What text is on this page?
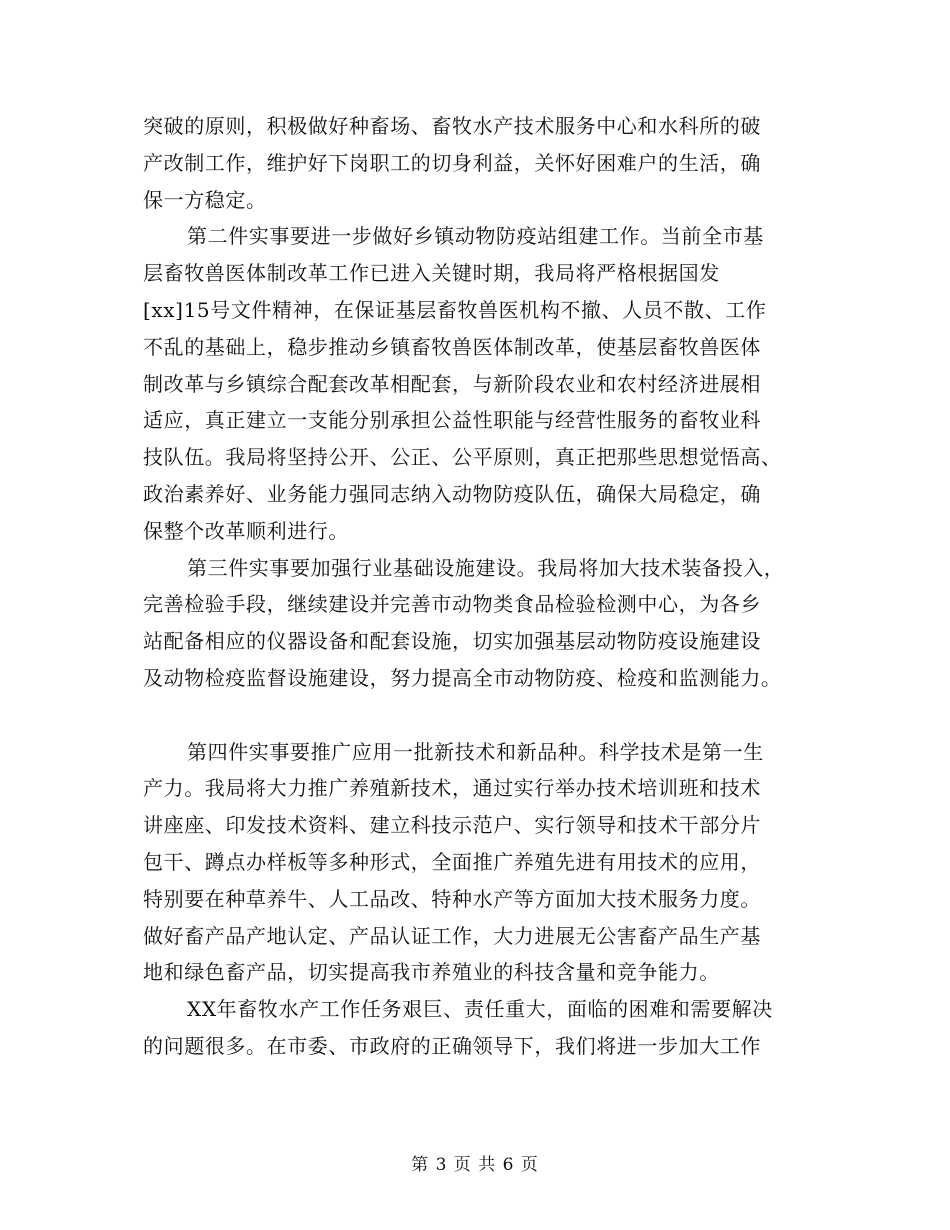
突破的原则，积极做好种畜场、畜牧水产技术服务中心和水科所的破
产改制工作，维护好下岗职工的切身利益，关怀好困难户的生活，确
保一方稳定。
第二件实事要进一步做好乡镇动物防疫站组建工作。当前全市基
层畜牧兽医体制改革工作已进入关键时期，我局将严格根据国发
[xx]15号文件精神，在保证基层畜牧兽医机构不撤、人员不散、工作
不乱的基础上，稳步推动乡镇畜牧兽医体制改革，使基层畜牧兽医体
制改革与乡镇综合配套改革相配套，与新阶段农业和农村经济进展相
适应，真正建立一支能分别承担公益性职能与经营性服务的畜牧业科
技队伍。我局将坚持公开、公正、公平原则，真正把那些思想觉悟高、
政治素养好、业务能力强同志纳入动物防疫队伍，确保大局稳定，确
保整个改革顺利进行。
第三件实事要加强行业基础设施建设。我局将加大技术装备投入，
完善检验手段，继续建设并完善市动物类食品检验检测中心，为各乡
站配备相应的仪器设备和配套设施，切实加强基层动物防疫设施建设
及动物检疫监督设施建设，努力提高全市动物防疫、检疫和监测能力。
第四件实事要推广应用一批新技术和新品种。科学技术是第一生
产力。我局将大力推广养殖新技术，通过实行举办技术培训班和技术
讲座座、印发技术资料、建立科技示范户、实行领导和技术干部分片
包干、蹲点办样板等多种形式，全面推广养殖先进有用技术的应用，
特别要在种草养牛、人工品改、特种水产等方面加大技术服务力度。
做好畜产品产地认定、产品认证工作，大力进展无公害畜产品生产基
地和绿色畜产品，切实提高我市养殖业的科技含量和竞争能力。
XX年畜牧水产工作任务艰巨、责任重大，面临的困难和需要解决
的问题很多。在市委、市政府的正确领导下，我们将进一步加大工作
第 3 页 共 6 页
